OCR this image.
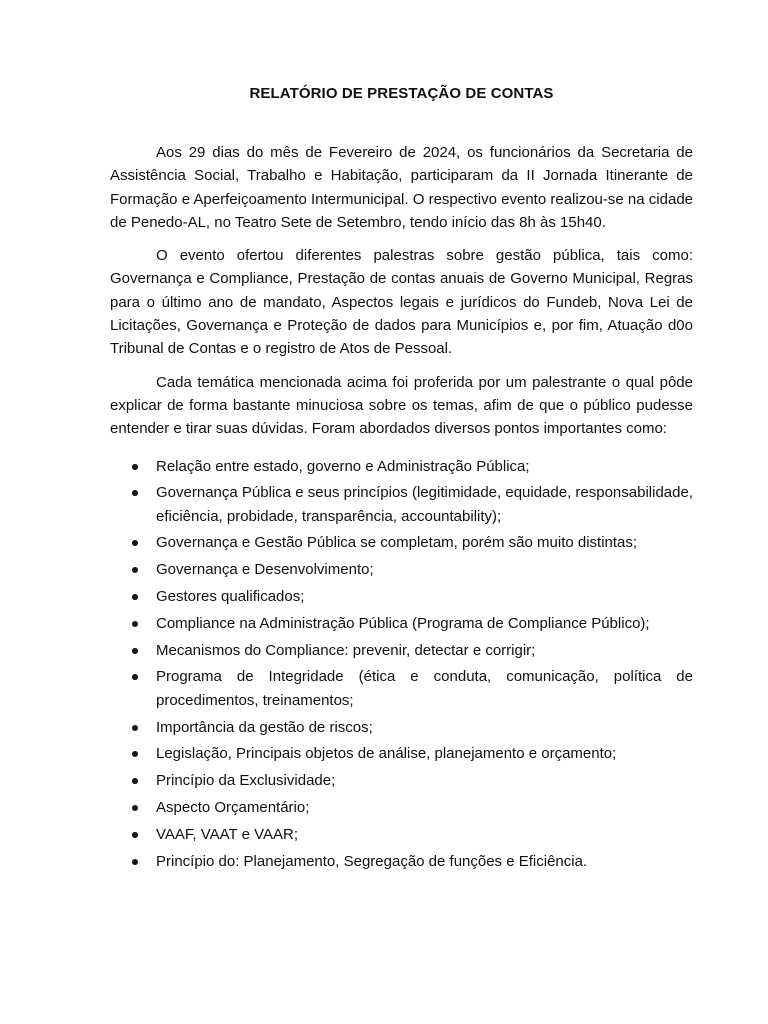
RELATÓRIO DE PRESTAÇÃO DE CONTAS

Aos 29 dias do mês de Fevereiro de 2024, os funcionários da Secretaria de Assistência Social, Trabalho e Habitação, participaram da II Jornada Itinerante de Formação e Aperfeiçoamento Intermunicipal. O respectivo evento realizou-se na cidade de Penedo-AL, no Teatro Sete de Setembro, tendo início das 8h às 15h40.

O evento ofertou diferentes palestras sobre gestão pública, tais como: Governança e Compliance, Prestação de contas anuais de Governo Municipal, Regras para o último ano de mandato, Aspectos legais e jurídicos do Fundeb, Nova Lei de Licitações, Governança e Proteção de dados para Municípios e, por fim, Atuação d0o Tribunal de Contas e o registro de Atos de Pessoal.

Cada temática mencionada acima foi proferida por um palestrante o qual pôde explicar de forma bastante minuciosa sobre os temas, afim de que o público pudesse entender e tirar suas dúvidas. Foram abordados diversos pontos importantes como:

Relação entre estado, governo e Administração Pública;
Governança Pública e seus princípios (legitimidade, equidade, responsabilidade, eficiência, probidade, transparência, accountability);
Governança e Gestão Pública se completam, porém são muito distintas;
Governança e Desenvolvimento;
Gestores qualificados;
Compliance na Administração Pública (Programa de Compliance Público);
Mecanismos do Compliance: prevenir, detectar e corrigir;
Programa de Integridade (ética e conduta, comunicação, política de procedimentos, treinamentos;
Importância da gestão de riscos;
Legislação, Principais objetos de análise, planejamento e orçamento;
Princípio da Exclusividade;
Aspecto Orçamentário;
VAAF, VAAT e VAAR;
Princípio do: Planejamento, Segregação de funções e Eficiência.
